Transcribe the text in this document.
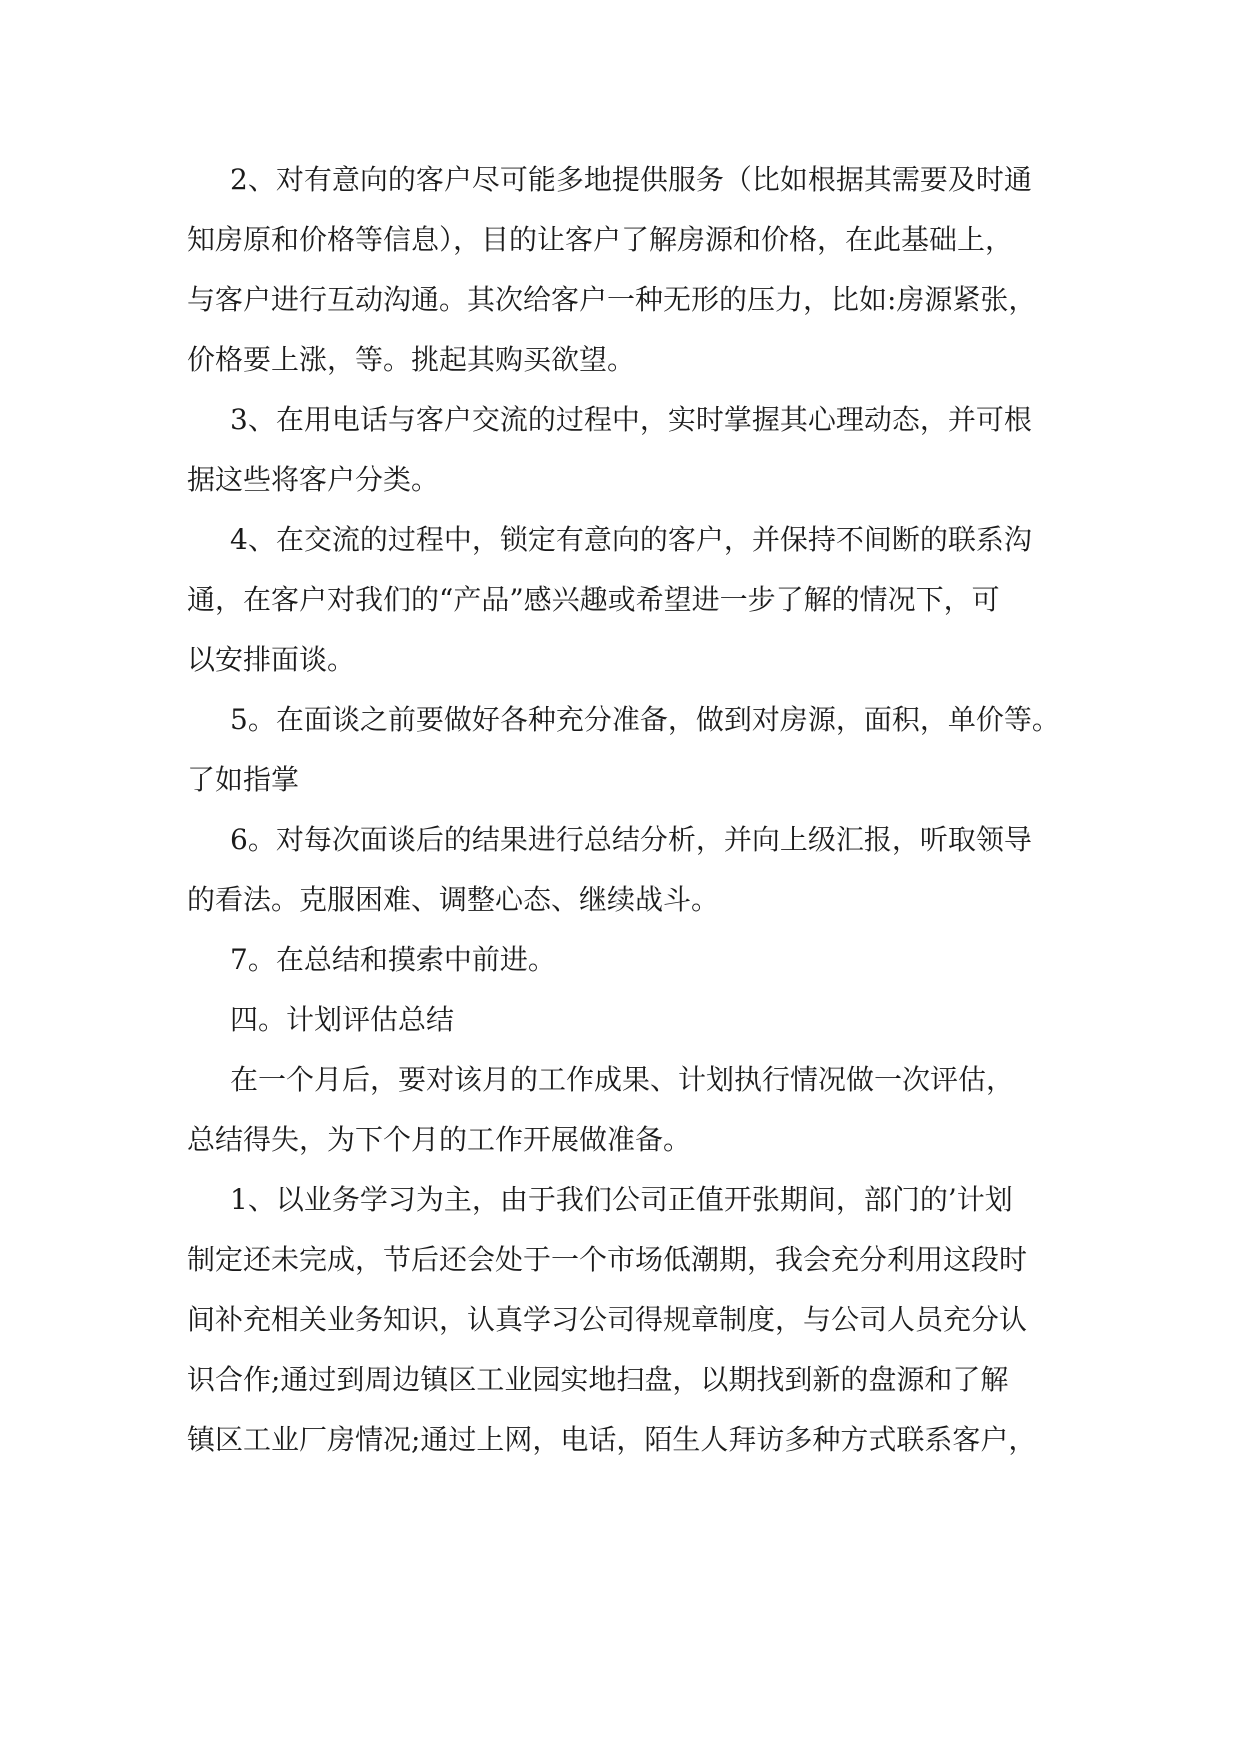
2、对有意向的客户尽可能多地提供服务（比如根据其需要及时通
知房原和价格等信息），目的让客户了解房源和价格，在此基础上，
与客户进行互动沟通。其次给客户一种无形的压力，比如:房源紧张，
价格要上涨，等。挑起其购买欲望。
3、在用电话与客户交流的过程中，实时掌握其心理动态，并可根
据这些将客户分类。
4、在交流的过程中，锁定有意向的客户，并保持不间断的联系沟
通，在客户对我们的“产品”感兴趣或希望进一步了解的情况下，可
以安排面谈。
5。在面谈之前要做好各种充分准备，做到对房源，面积，单价等。
了如指掌
6。对每次面谈后的结果进行总结分析，并向上级汇报，听取领导
的看法。克服困难、调整心态、继续战斗。
7。在总结和摸索中前进。
四。计划评估总结
在一个月后，要对该月的工作成果、计划执行情况做一次评估，
总结得失，为下个月的工作开展做准备。
1、以业务学习为主，由于我们公司正值开张期间，部门的’计划
制定还未完成，节后还会处于一个市场低潮期，我会充分利用这段时
间补充相关业务知识，认真学习公司得规章制度，与公司人员充分认
识合作;通过到周边镇区工业园实地扫盘，以期找到新的盘源和了解
镇区工业厂房情况;通过上网，电话，陌生人拜访多种方式联系客户，
